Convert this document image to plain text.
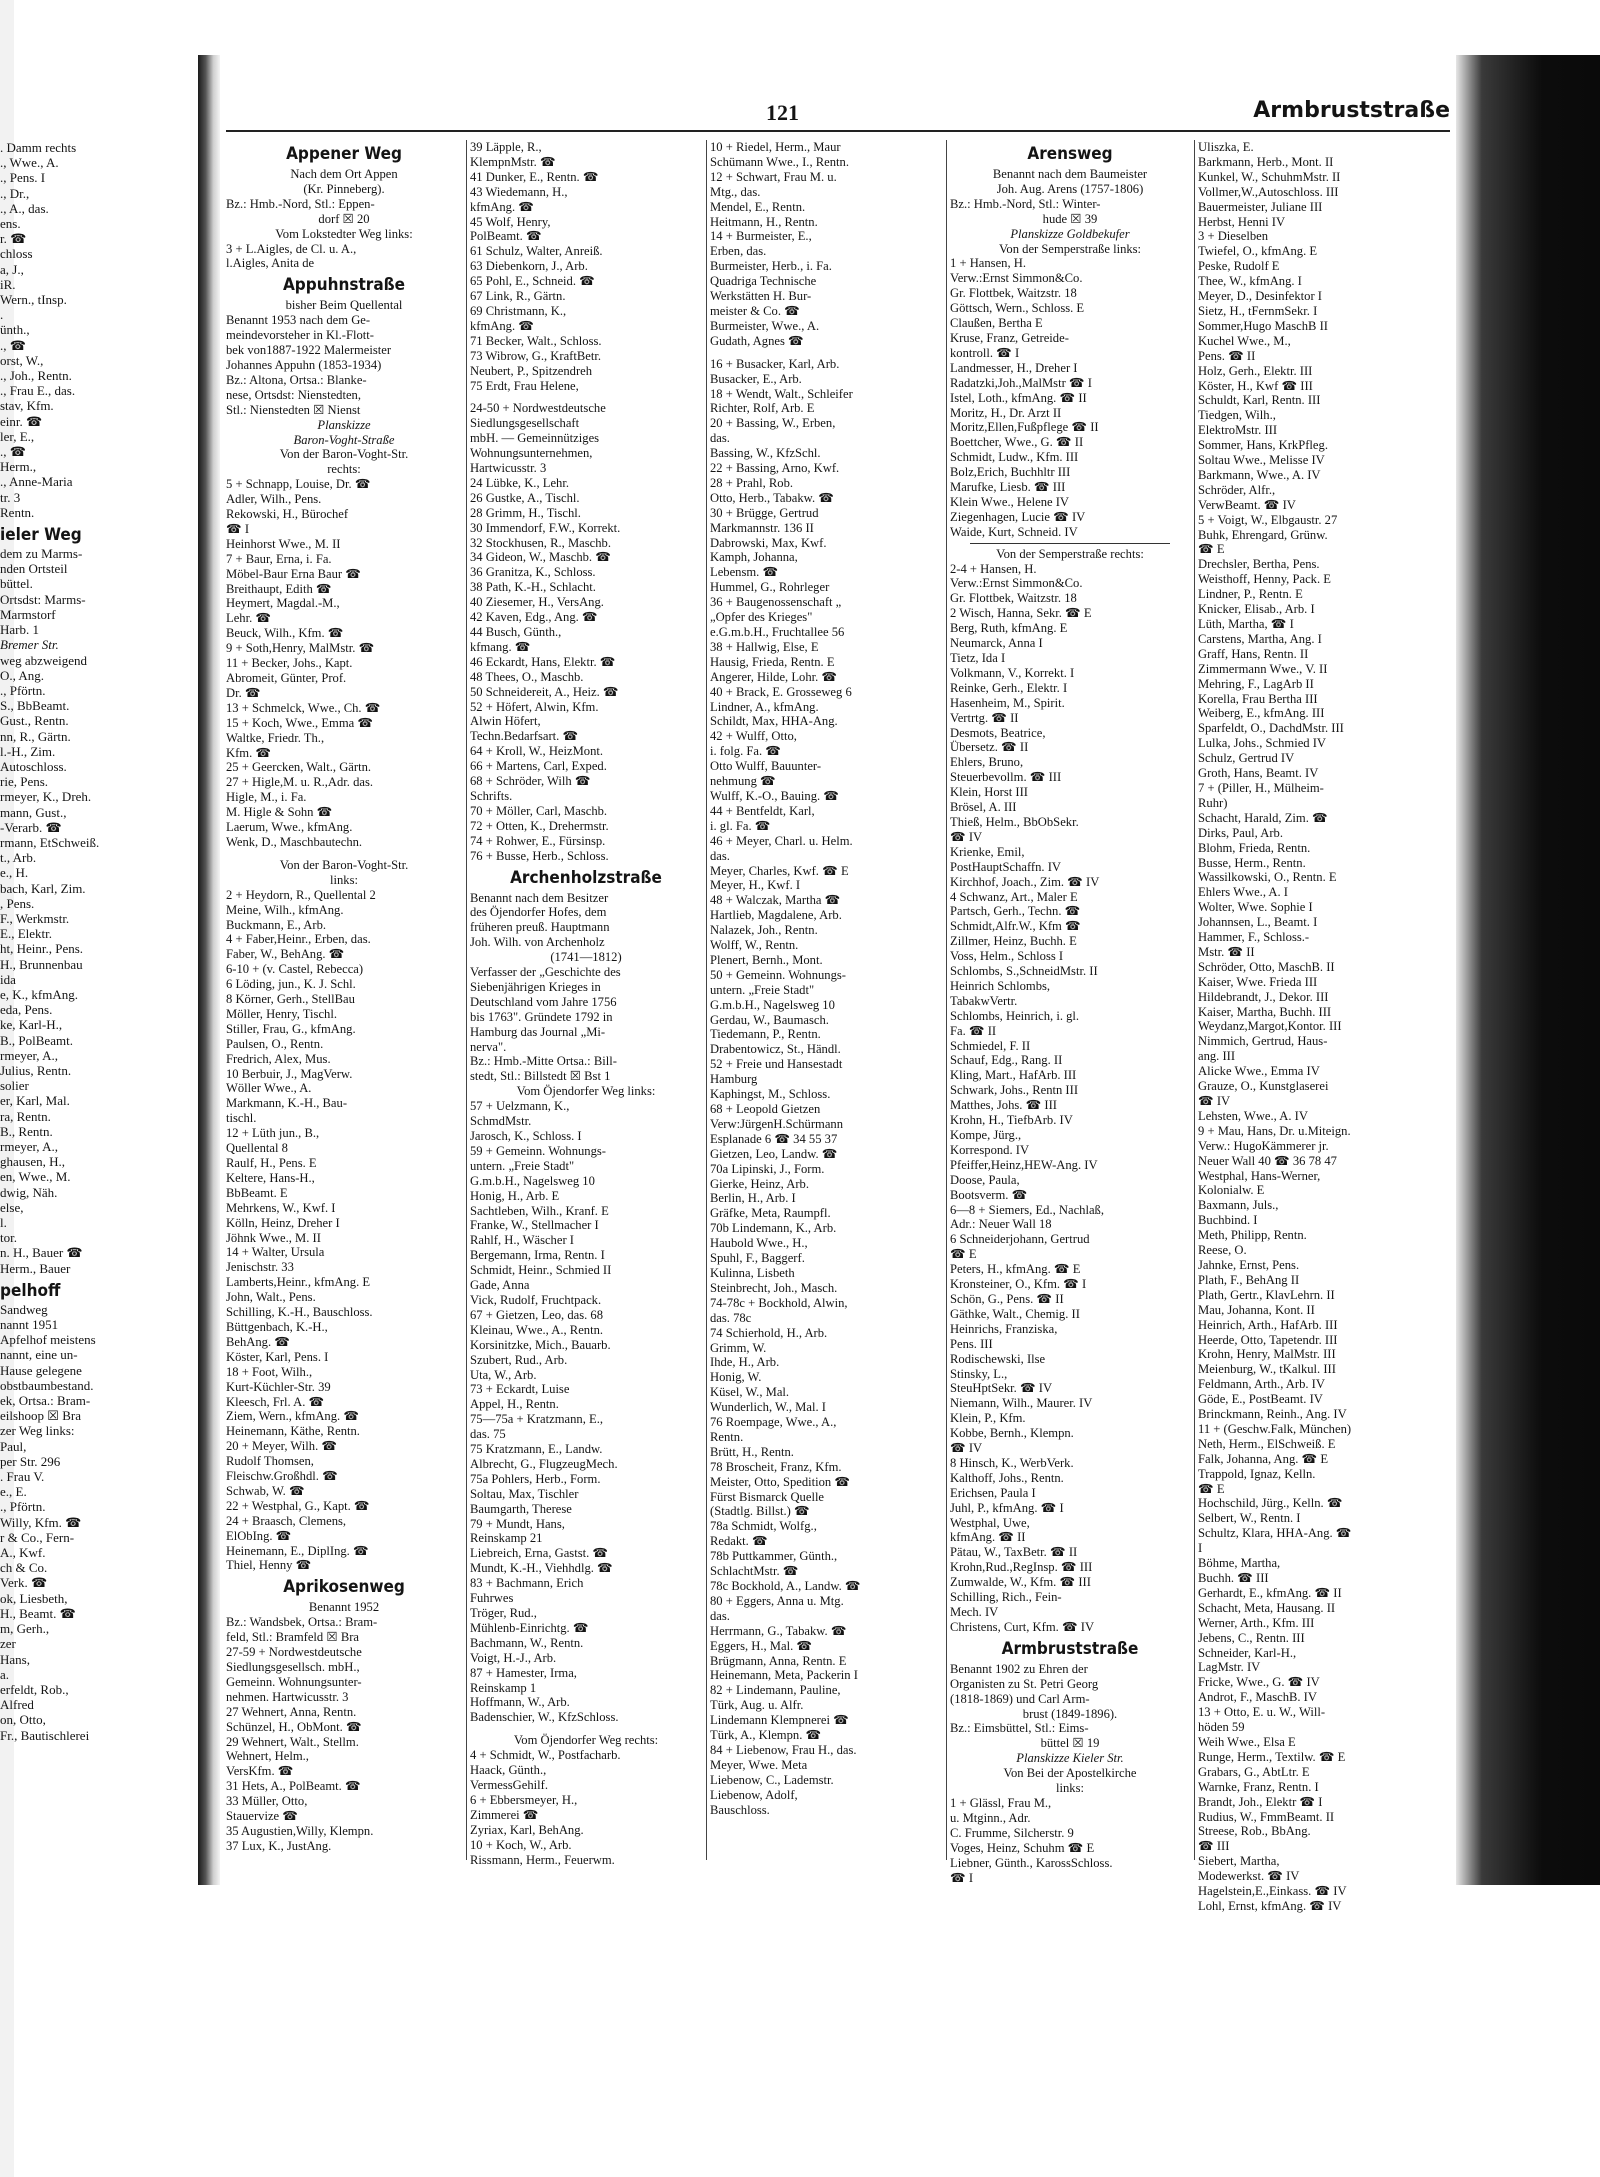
. Damm rechts
., Wwe., A.
., Pens. I
., Dr.,
., A., das.
ens.
r. ☎
chloss
a, J.,
iR.
Wern., tInsp.
.
ünth.,
., ☎
orst, W.,
., Joh., Rentn.
., Frau E., das.
stav, Kfm.
einr. ☎
ler, E.,
., ☎
Herm.,
., Anne-Maria
tr. 3
Rentn.
ieler Weg
dem zu Marms-
nden Ortsteil
büttel.
Ortsdst: Marms-
Marmstorf
Harb. 1
Bremer Str.
weg abzweigend
O., Ang.
., Pförtn.
S., BbBeamt.
Gust., Rentn.
nn, R., Gärtn.
l.-H., Zim.
Autoschloss.
rie, Pens.
rmeyer, K., Dreh.
mann, Gust.,
-Verarb. ☎
rmann, EtSchweiß.
t., Arb.
e., H.
bach, Karl, Zim.
, Pens.
F., Werkmstr.
E., Elektr.
ht, Heinr., Pens.
H., Brunnenbau
ida
e, K., kfmAng.
eda, Pens.
ke, Karl-H.,
B., PolBeamt.
rmeyer, A.,
Julius, Rentn.
solier
er, Karl, Mal.
ra, Rentn.
B., Rentn.
rmeyer, A.,
ghausen, H.,
en, Wwe., M.
dwig, Näh.
else,
l.
tor.
n. H., Bauer ☎
Herm., Bauer
pelhoff
Sandweg
nannt 1951
Apfelhof meistens
nannt, eine un-
Hause gelegene
obstbaumbestand.
ek, Ortsa.: Bram-
eilshoop ☒ Bra
zer Weg links:
Paul,
per Str. 296
. Frau V.
e., E.
., Pförtn.
Willy, Kfm. ☎
r & Co., Fern-
A., Kwf.
ch & Co.
Verk. ☎
ok, Liesbeth,
H., Beamt. ☎
m, Gerh.,
zer
Hans,
a.
erfeldt, Rob.,
Alfred
on, Otto,
Fr., Bautischlerei
121	Armbruststraße
Appener Weg
Nach dem Ort Appen
(Kr. Pinneberg).
Bz.: Hmb.-Nord, Stl.: Eppen-
dorf ☒ 20
Vom Lokstedter Weg links:
3 + L.Aigles, de Cl. u. A.,
l.Aigles, Anita de
Appuhnstraße
bisher Beim Quellental
Benannt 1953 nach dem Ge-
meindevorsteher in Kl.-Flott-
bek von1887-1922 Malermeister
Johannes Appuhn (1853-1934)
Bz.: Altona, Ortsa.: Blanke-
nese, Ortsdst: Nienstedten,
Stl.: Nienstedten ☒ Nienst
Planskizze
Baron-Voght-Straße
Von der Baron-Voght-Str.
rechts:
5 + Schnapp, Louise, Dr. ☎
Adler, Wilh., Pens.
Rekowski, H., Bürochef
☎ I
Heinhorst Wwe., M. II
7 + Baur, Erna, i. Fa.
Möbel-Baur Erna Baur ☎
Breithaupt, Edith ☎
Heymert, Magdal.-M.,
Lehr. ☎
Beuck, Wilh., Kfm. ☎
9 + Soth,Henry, MalMstr. ☎
11 + Becker, Johs., Kapt.
Abromeit, Günter, Prof.
Dr. ☎
13 + Schmelck, Wwe., Ch. ☎
15 + Koch, Wwe., Emma ☎
Waltke, Friedr. Th.,
Kfm. ☎
25 + Geercken, Walt., Gärtn.
27 + Higle,M. u. R.,Adr. das.
Higle, M., i. Fa.
M. Higle & Sohn ☎
Laerum, Wwe., kfmAng.
Wenk, D., Maschbautechn.
Von der Baron-Voght-Str.
links:
2 + Heydorn, R., Quellental 2
Meine, Wilh., kfmAng.
Buckmann, E., Arb.
4 + Faber,Heinr., Erben, das.
Faber, W., BehAng. ☎
6-10 + (v. Castel, Rebecca)
6 Löding, jun., K. J. Schl.
8 Körner, Gerh., StellBau
Möller, Henry, Tischl.
Stiller, Frau, G., kfmAng.
Paulsen, O., Rentn.
Fredrich, Alex, Mus.
10 Berbuir, J., MagVerw.
Wöller Wwe., A.
Markmann, K.-H., Bau-
tischl.
12 + Lüth jun., B.,
Quellental 8
Raulf, H., Pens. E
Keltere, Hans-H.,
BbBeamt. E
Mehrkens, W., Kwf. I
Kölln, Heinz, Dreher I
Jöhnk Wwe., M. II
14 + Walter, Ursula
Jenischstr. 33
Lamberts,Heinr., kfmAng. E
John, Walt., Pens.
Schilling, K.-H., Bauschloss.
Büttgenbach, K.-H.,
BehAng. ☎
Köster, Karl, Pens. I
18 + Foot, Wilh.,
Kurt-Küchler-Str. 39
Kleesch, Frl. A. ☎
Ziem, Wern., kfmAng. ☎
Heinemann, Käthe, Rentn.
20 + Meyer, Wilh. ☎
Rudolf Thomsen,
Fleischw.Großhdl. ☎
Schwab, W. ☎
22 + Westphal, G., Kapt. ☎
24 + Braasch, Clemens,
ElObIng. ☎
Heinemann, E., DiplIng. ☎
Thiel, Henny ☎
Aprikosenweg
Benannt 1952
Bz.: Wandsbek, Ortsa.: Bram-
feld, Stl.: Bramfeld ☒ Bra
27-59 + Nordwestdeutsche
Siedlungsgesellsch. mbH.,
Gemeinn. Wohnungsunter-
nehmen. Hartwicusstr. 3
27 Wehnert, Anna, Rentn.
Schünzel, H., ObMont. ☎
29 Wehnert, Walt., Stellm.
Wehnert, Helm.,
VersKfm. ☎
31 Hets, A., PolBeamt. ☎
33 Müller, Otto,
Stauervize ☎
35 Augustien,Willy, Klempn.
37 Lux, K., JustAng.
39 Läpple, R.,
KlempnMstr. ☎
41 Dunker, E., Rentn. ☎
43 Wiedemann, H.,
kfmAng. ☎
45 Wolf, Henry,
PolBeamt. ☎
61 Schulz, Walter, Anreiß.
63 Diebenkorn, J., Arb.
65 Pohl, E., Schneid. ☎
67 Link, R., Gärtn.
69 Christmann, K.,
kfmAng. ☎
71 Becker, Walt., Schloss.
73 Wibrow, G., KraftBetr.
Neubert, P., Spitzendreh
75 Erdt, Frau Helene,
24-50 + Nordwestdeutsche
Siedlungsgesellschaft
mbH. — Gemeinnütziges
Wohnungsunternehmen,
Hartwicusstr. 3
24 Lübke, K., Lehr.
26 Gustke, A., Tischl.
28 Grimm, H., Tischl.
30 Immendorf, F.W., Korrekt.
32 Stockhusen, R., Maschb.
34 Gideon, W., Maschb. ☎
36 Granitza, K., Schloss.
38 Path, K.-H., Schlacht.
40 Ziesemer, H., VersAng.
42 Kaven, Edg., Ang. ☎
44 Busch, Günth.,
kfmang. ☎
46 Eckardt, Hans, Elektr. ☎
48 Thees, O., Maschb.
50 Schneidereit, A., Heiz. ☎
52 + Höfert, Alwin, Kfm.
Alwin Höfert,
Techn.Bedarfsart. ☎
64 + Kroll, W., HeizMont.
66 + Martens, Carl, Exped.
68 + Schröder, Wilh ☎
Schrifts.
70 + Möller, Carl, Maschb.
72 + Otten, K., Drehermstr.
74 + Rohwer, E., Fürsinsp.
76 + Busse, Herb., Schloss.
Archenholzstraße
Benannt nach dem Besitzer
des Öjendorfer Hofes, dem
früheren preuß. Hauptmann
Joh. Wilh. von Archenholz
(1741—1812)
Verfasser der „Geschichte des
Siebenjährigen Krieges in
Deutschland vom Jahre 1756
bis 1763". Gründete 1792 in
Hamburg das Journal „Mi-
nerva".
Bz.: Hmb.-Mitte Ortsa.: Bill-
stedt, Stl.: Billstedt ☒ Bst 1
Vom Öjendorfer Weg links:
57 + Uelzmann, K.,
SchmdMstr.
Jarosch, K., Schloss. I
59 + Gemeinn. Wohnungs-
untern. „Freie Stadt"
G.m.b.H., Nagelsweg 10
Honig, H., Arb. E
Sachtleben, Wilh., Kranf. E
Franke, W., Stellmacher I
Rahlf, H., Wäscher I
Bergemann, Irma, Rentn. I
Schmidt, Heinr., Schmied II
Gade, Anna
Vick, Rudolf, Fruchtpack.
67 + Gietzen, Leo, das. 68
Kleinau, Wwe., A., Rentn.
Korsinitzke, Mich., Bauarb.
Szubert, Rud., Arb.
Uta, W., Arb.
73 + Eckardt, Luise
Appel, H., Rentn.
75—75a + Kratzmann, E.,
das. 75
75 Kratzmann, E., Landw.
Albrecht, G., FlugzeugMech.
75a Pohlers, Herb., Form.
Soltau, Max, Tischler
Baumgarth, Therese
79 + Mundt, Hans,
Reinskamp 21
Liebreich, Erna, Gastst. ☎
Mundt, K.-H., Viehhdlg. ☎
83 + Bachmann, Erich
Fuhrwes
Tröger, Rud.,
Mühlenb-Einrichtg. ☎
Bachmann, W., Rentn.
Voigt, H.-J., Arb.
87 + Hamester, Irma,
Reinskamp 1
Hoffmann, W., Arb.
Badenschier, W., KfzSchloss.
Vom Öjendorfer Weg rechts:
4 + Schmidt, W., Postfacharb.
Haack, Günth.,
VermessGehilf.
6 + Ebbersmeyer, H.,
Zimmerei ☎
Zyriax, Karl, BehAng.
10 + Koch, W., Arb.
Rissmann, Herm., Feuerwm.
10 + Riedel, Herm., Maur
Schümann Wwe., I., Rentn.
12 + Schwart, Frau M. u.
Mtg., das.
Mendel, E., Rentn.
Heitmann, H., Rentn.
14 + Burmeister, E.,
Erben, das.
Burmeister, Herb., i. Fa.
Quadriga Technische
Werkstätten H. Bur-
meister & Co. ☎
Burmeister, Wwe., A.
Gudath, Agnes ☎
16 + Busacker, Karl, Arb.
Busacker, E., Arb.
18 + Wendt, Walt., Schleifer
Richter, Rolf, Arb. E
20 + Bassing, W., Erben,
das.
Bassing, W., KfzSchl.
22 + Bassing, Arno, Kwf.
28 + Prahl, Rob.
Otto, Herb., Tabakw. ☎
30 + Brügge, Gertrud
Markmannstr. 136 II
Dabrowski, Max, Kwf.
Kamph, Johanna,
Lebensm. ☎
Hummel, G., Rohrleger
36 + Baugenossenschaft „
„Opfer des Krieges"
e.G.m.b.H., Fruchtallee 56
38 + Hallwig, Else, E
Hausig, Frieda, Rentn. E
Angerer, Hilde, Lohr. ☎
40 + Brack, E. Grosseweg 6
Lindner, A., kfmAng.
Schildt, Max, HHA-Ang.
42 + Wulff, Otto,
i. folg. Fa. ☎
Otto Wulff, Bauunter-
nehmung ☎
Wulff, K.-O., Bauing. ☎
44 + Bentfeldt, Karl,
i. gl. Fa. ☎
46 + Meyer, Charl. u. Helm.
das.
Meyer, Charles, Kwf. ☎ E
Meyer, H., Kwf. I
48 + Walczak, Martha ☎
Hartlieb, Magdalene, Arb.
Nalazek, Joh., Rentn.
Wolff, W., Rentn.
Plenert, Bernh., Mont.
50 + Gemeinn. Wohnungs-
untern. „Freie Stadt"
G.m.b.H., Nagelsweg 10
Gerdau, W., Baumasch.
Tiedemann, P., Rentn.
Drabentowicz, St., Händl.
52 + Freie und Hansestadt
Hamburg
Kaphingst, M., Schloss.
68 + Leopold Gietzen
Verw:JürgenH.Schürmann
Esplanade 6 ☎ 34 55 37
Gietzen, Leo, Landw. ☎
70a Lipinski, J., Form.
Gierke, Heinz, Arb.
Berlin, H., Arb. I
Gräfke, Meta, Raumpfl.
70b Lindemann, K., Arb.
Haubold Wwe., H.,
Spuhl, F., Baggerf.
Kulinna, Lisbeth
Steinbrecht, Joh., Masch.
74-78c + Bockhold, Alwin,
das. 78c
74 Schierhold, H., Arb.
Grimm, W.
Ihde, H., Arb.
Honig, W.
Küsel, W., Mal.
Wunderlich, W., Mal. I
76 Roempage, Wwe., A.,
Rentn.
Brütt, H., Rentn.
78 Broscheit, Franz, Kfm.
Meister, Otto, Spedition ☎
Fürst Bismarck Quelle
(Stadtlg. Billst.) ☎
78a Schmidt, Wolfg.,
Redakt. ☎
78b Puttkammer, Günth.,
SchlachtMstr. ☎
78c Bockhold, A., Landw. ☎
80 + Eggers, Anna u. Mtg.
das.
Herrmann, G., Tabakw. ☎
Eggers, H., Mal. ☎
Brügmann, Anna, Rentn. E
Heinemann, Meta, Packerin I
82 + Lindemann, Pauline,
Türk, Aug. u. Alfr.
Lindemann Klempnerei ☎
Türk, A., Klempn. ☎
84 + Liebenow, Frau H., das.
Meyer, Wwe. Meta
Liebenow, C., Lademstr.
Liebenow, Adolf,
Bauschloss.
Arensweg
Benannt nach dem Baumeister
Joh. Aug. Arens (1757-1806)
Bz.: Hmb.-Nord, Stl.: Winter-
hude ☒ 39
Planskizze Goldbekufer
Von der Semperstraße links:
1 + Hansen, H.
Verw.:Ernst Simmon&Co.
Gr. Flottbek, Waitzstr. 18
Göttsch, Wern., Schloss. E
Claußen, Bertha E
Kruse, Franz, Getreide-
kontroll. ☎ I
Landmesser, H., Dreher I
Radatzki,Joh.,MalMstr ☎ I
Istel, Loth., kfmAng. ☎ II
Moritz, H., Dr. Arzt II
Moritz,Ellen,Fußpflege ☎ II
Boettcher, Wwe., G. ☎ II
Schmidt, Ludw., Kfm. III
Bolz,Erich, Buchhltr III
Marufke, Liesb. ☎ III
Klein Wwe., Helene IV
Ziegenhagen, Lucie ☎ IV
Waide, Kurt, Schneid. IV
Von der Semperstraße rechts:
2-4 + Hansen, H.
Verw.:Ernst Simmon&Co.
Gr. Flottbek, Waitzstr. 18
2 Wisch, Hanna, Sekr. ☎ E
Berg, Ruth, kfmAng. E
Neumarck, Anna I
Tietz, Ida I
Volkmann, V., Korrekt. I
Reinke, Gerh., Elektr. I
Hasenheim, M., Spirit.
Vertrtg. ☎ II
Desmots, Beatrice,
Übersetz. ☎ II
Ehlers, Bruno,
Steuerbevollm. ☎ III
Klein, Horst III
Brösel, A. III
Thieß, Helm., BbObSekr.
☎ IV
Krienke, Emil,
PostHauptSchaffn. IV
Kirchhof, Joach., Zim. ☎ IV
4 Schwanz, Art., Maler E
Partsch, Gerh., Techn. ☎
Schmidt,Alfr.W., Kfm ☎
Zillmer, Heinz, Buchh. E
Voss, Helm., Schloss I
Schlombs, S.,SchneidMstr. II
Heinrich Schlombs,
TabakwVertr.
Schlombs, Heinrich, i. gl.
Fa. ☎ II
Schmiedel, F. II
Schauf, Edg., Rang. II
Kling, Mart., HafArb. III
Schwark, Johs., Rentn III
Matthes, Johs. ☎ III
Krohn, H., TiefbArb. IV
Kompe, Jürg.,
Korrespond. IV
Pfeiffer,Heinz,HEW-Ang. IV
Doose, Paula,
Bootsverm. ☎
6—8 + Siemers, Ed., Nachlaß,
Adr.: Neuer Wall 18
6 Schneiderjohann, Gertrud
☎ E
Peters, H., kfmAng. ☎ E
Kronsteiner, O., Kfm. ☎ I
Schön, G., Pens. ☎ II
Gäthke, Walt., Chemig. II
Heinrichs, Franziska,
Pens. III
Rodischewski, Ilse
Stinsky, L.,
SteuHptSekr. ☎ IV
Niemann, Wilh., Maurer. IV
Klein, P., Kfm.
Kobbe, Bernh., Klempn.
☎ IV
8 Hinsch, K., WerbVerk.
Kalthoff, Johs., Rentn.
Erichsen, Paula I
Juhl, P., kfmAng. ☎ I
Westphal, Uwe,
kfmAng. ☎ II
Pätau, W., TaxBetr. ☎ II
Krohn,Rud.,RegInsp. ☎ III
Zumwalde, W., Kfm. ☎ III
Schilling, Rich., Fein-
Mech. IV
Christens, Curt, Kfm. ☎ IV
Armbruststraße
Benannt 1902 zu Ehren der
Organisten zu St. Petri Georg
(1818-1869) und Carl Arm-
brust (1849-1896).
Bz.: Eimsbüttel, Stl.: Eims-
büttel ☒ 19
Planskizze Kieler Str.
Von Bei der Apostelkirche
links:
1 + Glässl, Frau M.,
u. Mtginn., Adr.
C. Frumme, Silcherstr. 9
Voges, Heinz, Schuhm ☎ E
Liebner, Günth., KarossSchloss.
☎ I
Uliszka, E.
Barkmann, Herb., Mont. II
Kunkel, W., SchuhmMstr. II
Vollmer,W.,Autoschloss. III
Bauermeister, Juliane III
Herbst, Henni IV
3 + Dieselben
Twiefel, O., kfmAng. E
Peske, Rudolf E
Thee, W., kfmAng. I
Meyer, D., Desinfektor I
Sietz, H., tFernmSekr. I
Sommer,Hugo MaschB II
Kuchel Wwe., M.,
Pens. ☎ II
Holz, Gerh., Elektr. III
Köster, H., Kwf ☎ III
Schuldt, Karl, Rentn. III
Tiedgen, Wilh.,
ElektroMstr. III
Sommer, Hans, KrkPfleg.
Soltau Wwe., Melisse IV
Barkmann, Wwe., A. IV
Schröder, Alfr.,
VerwBeamt. ☎ IV
5 + Voigt, W., Elbgaustr. 27
Buhk, Ehrengard, Grünw.
☎ E
Drechsler, Bertha, Pens.
Weisthoff, Henny, Pack. E
Lindner, P., Rentn. E
Knicker, Elisab., Arb. I
Lüth, Martha, ☎ I
Carstens, Martha, Ang. I
Graff, Hans, Rentn. II
Zimmermann Wwe., V. II
Mehring, F., LagArb II
Korella, Frau Bertha III
Weiberg, E., kfmAng. III
Sparfeldt, O., DachdMstr. III
Lulka, Johs., Schmied IV
Schulz, Gertrud IV
Groth, Hans, Beamt. IV
7 + (Piller, H., Mülheim-
Ruhr)
Schacht, Harald, Zim. ☎
Dirks, Paul, Arb.
Blohm, Frieda, Rentn.
Busse, Herm., Rentn.
Wassilkowski, O., Rentn. E
Ehlers Wwe., A. I
Wolter, Wwe. Sophie I
Johannsen, L., Beamt. I
Hammer, F., Schloss.-
Mstr. ☎ II
Schröder, Otto, MaschB. II
Kaiser, Wwe. Frieda III
Hildebrandt, J., Dekor. III
Kaiser, Martha, Buchh. III
Weydanz,Margot,Kontor. III
Nimmich, Gertrud, Haus-
ang. III
Alicke Wwe., Emma IV
Grauze, O., Kunstglaserei
☎ IV
Lehsten, Wwe., A. IV
9 + Mau, Hans, Dr. u.Miteign.
Verw.: HugoKämmerer jr.
Neuer Wall 40 ☎ 36 78 47
Westphal, Hans-Werner,
Kolonialw. E
Baxmann, Juls.,
Buchbind. I
Meth, Philipp, Rentn.
Reese, O.
Jahnke, Ernst, Pens.
Plath, F., BehAng II
Plath, Gertr., KlavLehrn. II
Mau, Johanna, Kont. II
Heinrich, Arth., HafArb. III
Heerde, Otto, Tapetendr. III
Krohn, Henry, MalMstr. III
Meienburg, W., tKalkul. III
Feldmann, Arth., Arb. IV
Göde, E., PostBeamt. IV
Brinckmann, Reinh., Ang. IV
11 + (Geschw.Falk, München)
Neth, Herm., ElSchweiß. E
Falk, Johanna, Ang. ☎ E
Trappold, Ignaz, Kelln.
☎ E
Hochschild, Jürg., Kelln. ☎
Selbert, W., Rentn. I
Schultz, Klara, HHA-Ang. ☎
I
Böhme, Martha,
Buchh. ☎ III
Gerhardt, E., kfmAng. ☎ II
Schacht, Meta, Hausang. II
Werner, Arth., Kfm. III
Jebens, C., Rentn. III
Schneider, Karl-H.,
LagMstr. IV
Fricke, Wwe., G. ☎ IV
Androt, F., MaschB. IV
13 + Otto, E. u. W., Will-
höden 59
Weih Wwe., Elsa E
Runge, Herm., Textilw. ☎ E
Grabars, G., AbtLtr. E
Warnke, Franz, Rentn. I
Brandt, Joh., Elektr ☎ I
Rudius, W., FmmBeamt. II
Streese, Rob., BbAng.
☎ III
Siebert, Martha,
Modewerkst. ☎ IV
Hagelstein,E.,Einkass. ☎ IV
Lohl, Ernst, kfmAng. ☎ IV
